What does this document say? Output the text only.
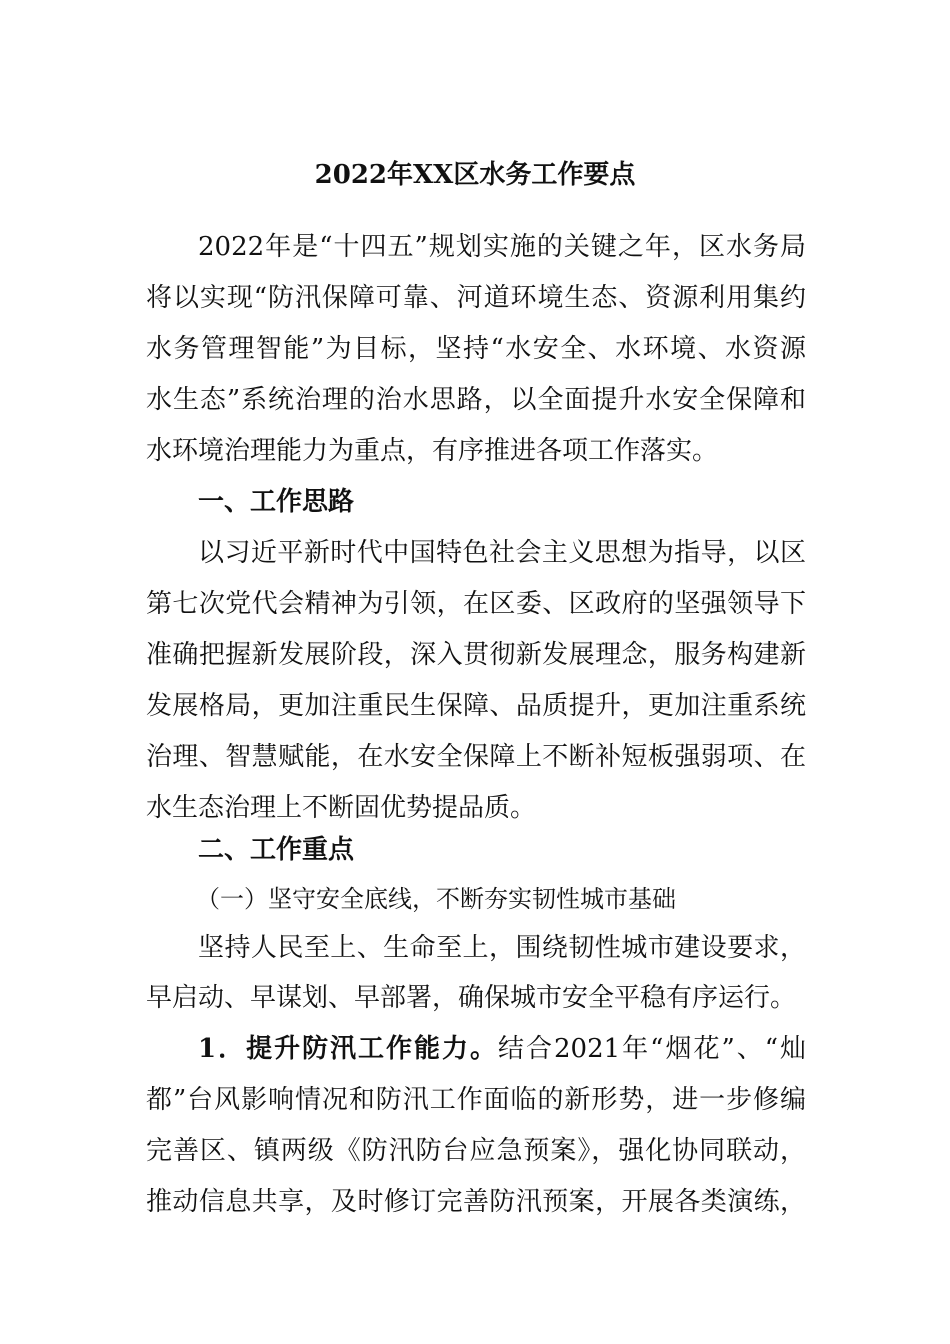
2022年XX区水务工作要点
2022年是“十四五”规划实施的关键之年，区水务局
将以实现“防汛保障可靠、河道环境生态、资源利用集约
水务管理智能”为目标，坚持“水安全、水环境、水资源
水生态”系统治理的治水思路，以全面提升水安全保障和
水环境治理能力为重点，有序推进各项工作落实。
一、工作思路
以习近平新时代中国特色社会主义思想为指导，以区
第七次党代会精神为引领，在区委、区政府的坚强领导下
准确把握新发展阶段，深入贯彻新发展理念，服务构建新
发展格局，更加注重民生保障、品质提升，更加注重系统
治理、智慧赋能，在水安全保障上不断补短板强弱项、在
水生态治理上不断固优势提品质。
二、工作重点
（一）坚守安全底线，不断夯实韧性城市基础
坚持人民至上、生命至上，围绕韧性城市建设要求，
早启动、早谋划、早部署，确保城市安全平稳有序运行。
1．提升防汛工作能力。结合2021年“烟花”、“灿
都”台风影响情况和防汛工作面临的新形势，进一步修编
完善区、镇两级《防汛防台应急预案》，强化协同联动，
推动信息共享，及时修订完善防汛预案，开展各类演练，
